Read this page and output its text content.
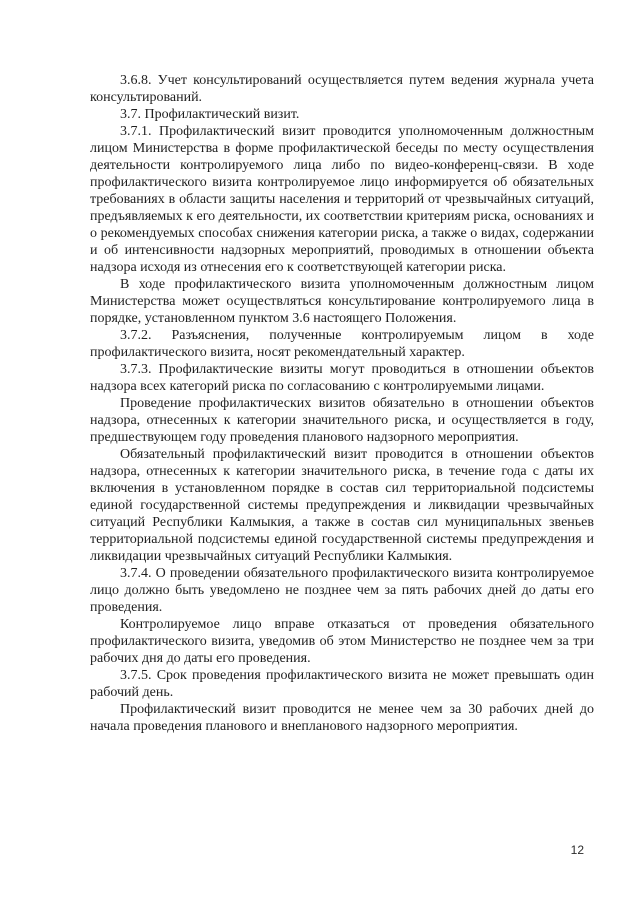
3.6.8. Учет консультирований осуществляется путем ведения журнала учета консультирований.

3.7. Профилактический визит.

3.7.1. Профилактический визит проводится уполномоченным должностным лицом Министерства в форме профилактической беседы по месту осуществления деятельности контролируемого лица либо по видео-конференц-связи. В ходе профилактического визита контролируемое лицо информируется об обязательных требованиях в области защиты населения и территорий от чрезвычайных ситуаций, предъявляемых к его деятельности, их соответствии критериям риска, основаниях и о рекомендуемых способах снижения категории риска, а также о видах, содержании и об интенсивности надзорных мероприятий, проводимых в отношении объекта надзора исходя из отнесения его к соответствующей категории риска.

В ходе профилактического визита уполномоченным должностным лицом Министерства может осуществляться консультирование контролируемого лица в порядке, установленном пунктом 3.6 настоящего Положения.

3.7.2. Разъяснения, полученные контролируемым лицом в ходе профилактического визита, носят рекомендательный характер.

3.7.3. Профилактические визиты могут проводиться в отношении объектов надзора всех категорий риска по согласованию с контролируемыми лицами.

Проведение профилактических визитов обязательно в отношении объектов надзора, отнесенных к категории значительного риска, и осуществляется в году, предшествующем году проведения планового надзорного мероприятия.

Обязательный профилактический визит проводится в отношении объектов надзора, отнесенных к категории значительного риска, в течение года с даты их включения в установленном порядке в состав сил территориальной подсистемы единой государственной системы предупреждения и ликвидации чрезвычайных ситуаций Республики Калмыкия, а также в состав сил муниципальных звеньев территориальной подсистемы единой государственной системы предупреждения и ликвидации чрезвычайных ситуаций Республики Калмыкия.

3.7.4. О проведении обязательного профилактического визита контролируемое лицо должно быть уведомлено не позднее чем за пять рабочих дней до даты его проведения.

Контролируемое лицо вправе отказаться от проведения обязательного профилактического визита, уведомив об этом Министерство не позднее чем за три рабочих дня до даты его проведения.

3.7.5. Срок проведения профилактического визита не может превышать один рабочий день.

Профилактический визит проводится не менее чем за 30 рабочих дней до начала проведения планового и внепланового надзорного мероприятия.

12
